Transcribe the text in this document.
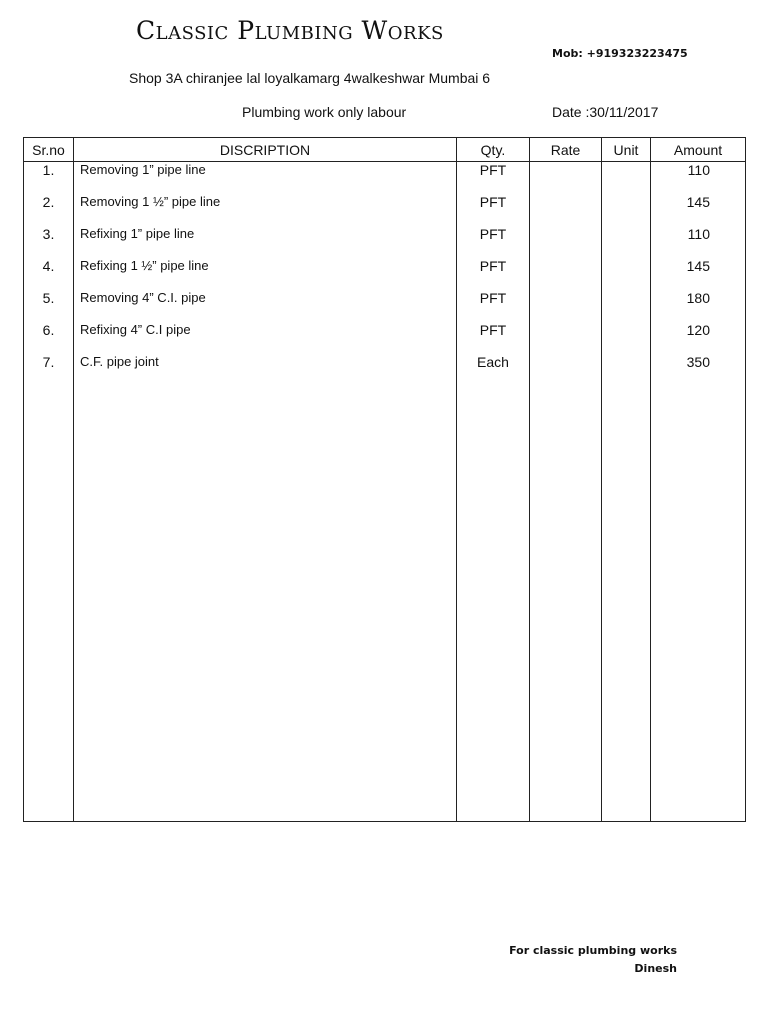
Classic Plumbing Works
Mob: +919323223475
Shop 3A chiranjee lal loyalkamarg 4walkeshwar Mumbai 6
Plumbing work only labour	Date :30/11/2017
Sr.no	DISCRIPTION	Qty.	Rate	Unit	Amount
1.	Removing 1” pipe line	PFT			110
2.	Removing 1 ½” pipe line	PFT			145
3.	Refixing 1” pipe line	PFT			110
4.	Refixing 1 ½” pipe line	PFT			145
5.	Removing 4” C.I. pipe	PFT			180
6.	Refixing 4” C.I pipe	PFT			120
7.	C.F. pipe joint	Each			350

For classic plumbing works
Dinesh
